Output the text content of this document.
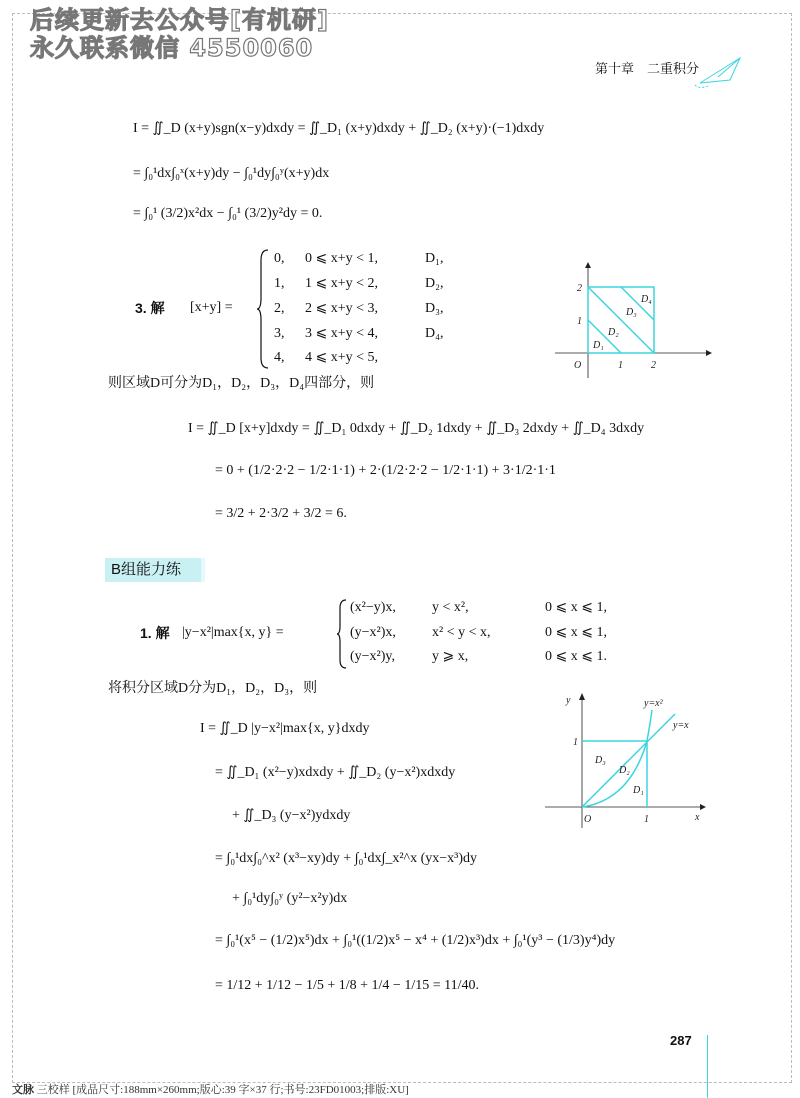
后续更新去公众号[有机研]
永久联系微信 4550060
第十章　二重积分
I = ∬_D (x+y)sgn(x−y)dxdy = ∬_D₁ (x+y)dxdy + ∬_D₂ (x+y)·(−1)dxdy
= ∫₀¹dx∫₀ˣ(x+y)dy − ∫₀¹dy∫₀ʸ(x+y)dx
= ∫₀¹ (3/2)x²dx − ∫₀¹ (3/2)y²dy = 0.
3. 解 [x+y] =
0, 0 ⩽ x+y < 1,	D₁,
1, 1 ⩽ x+y < 2,	D₂,
2, 2 ⩽ x+y < 3,	D₃,
3, 3 ⩽ x+y < 4,	D₄,
4, 4 ⩽ x+y < 5,
O	1	2
1
2
D₁
D₂
D₃
D₄
则区域D可分为D₁，D₂，D₃，D₄四部分，则
I = ∬_D [x+y]dxdy = ∬_D₁ 0dxdy + ∬_D₂ 1dxdy + ∬_D₃ 2dxdy + ∬_D₄ 3dxdy
= 0 + (1/2·2·2 − 1/2·1·1) + 2·(1/2·2·2 − 1/2·1·1) + 3·1/2·1·1
= 3/2 + 2·3/2 + 3/2 = 6.
B组能力练
1. 解 |y−x²|max{x, y} =
(x²−y)x,	y < x²,	0 ⩽ x ⩽ 1,
(y−x²)x,	x² < y < x,	0 ⩽ x ⩽ 1,
(y−x²)y,	y ⩾ x,	0 ⩽ x ⩽ 1.
将积分区域D分为D₁，D₂，D₃，则
y
x
O	1
1
y=x²
y=x
D₁
D₂
D₃
I = ∬_D |y−x²|max{x, y}dxdy
= ∬_D₁ (x²−y)xdxdy + ∬_D₂ (y−x²)xdxdy
+ ∬_D₃ (y−x²)ydxdy
= ∫₀¹dx∫₀^x² (x³−xy)dy + ∫₀¹dx∫_x²^x (yx−x³)dy
+ ∫₀¹dy∫₀ʸ (y²−x²y)dx
= ∫₀¹(x⁵ − (1/2)x⁵)dx + ∫₀¹((1/2)x⁵ − x⁴ + (1/2)x³)dx + ∫₀¹(y³ − (1/3)y⁴)dy
= 1/12 + 1/12 − 1/5 + 1/8 + 1/4 − 1/15 = 11/40.
287
文脉 三校样 [成品尺寸:188mm×260mm;版心:39 字×37 行;书号:23FD01003;排版:XU]
